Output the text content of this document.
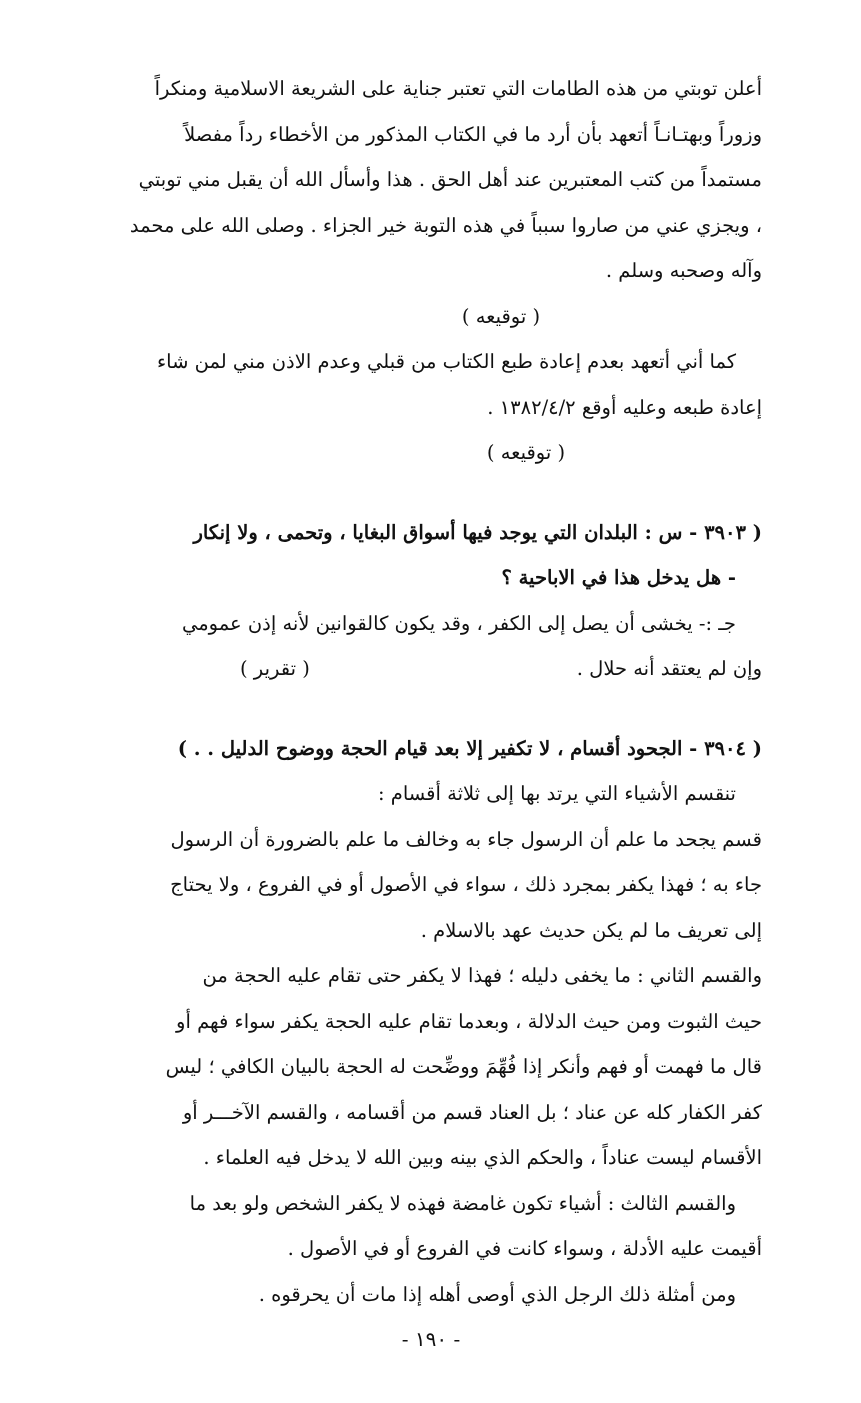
أعلن توبتي من هذه الطامات التي تعتبر جناية على الشريعة الاسلامية ومنكراً
وزوراً وبهتـانـاً أتعهد بأن أرد ما في الكتاب المذكور من الأخطاء رداً مفصلاً
مستمداً من كتب المعتبرين عند أهل الحق . هذا وأسأل الله أن يقبل مني توبتي
، ويجزي عني من صاروا سبباً في هذه التوبة خير الجزاء . وصلى الله على محمد
وآله وصحبه وسلم .
( توقيعه )
كما أني أتعهد بعدم إعادة طبع الكتاب من قبلي وعدم الاذن مني لمن شاء
إعادة طبعه وعليه أوقع ١٣٨٢/٤/٢ .
( توقيعه )
( ٣٩٠٣ - س : البلدان التي يوجد فيها أسواق البغايا ، وتحمى ، ولا إنكار
- هل يدخل هذا في الاباحية ؟
جـ :- يخشى أن يصل إلى الكفر ، وقد يكون كالقوانين لأنه إذن عمومي
وإن لم يعتقد أنه حلال .
( تقرير )
( ٣٩٠٤ - الجحود أقسام ، لا تكفير إلا بعد قيام الحجة ووضوح الدليل . . )
تنقسم الأشياء التي يرتد بها إلى ثلاثة أقسام :
قسم يجحد ما علم أن الرسول جاء به وخالف ما علم بالضرورة أن الرسول
جاء به ؛ فهذا يكفر بمجرد ذلك ، سواء في الأصول أو في الفروع ، ولا يحتاج
إلى تعريف ما لم يكن حديث عهد بالاسلام .
والقسم الثاني : ما يخفى دليله ؛ فهذا لا يكفر حتى تقام عليه الحجة من
حيث الثبوت ومن حيث الدلالة ، وبعدما تقام عليه الحجة يكفر سواء فهم أو
قال ما فهمت أو فهم وأنكر إذا فُهِّمَ ووضِّحت له الحجة بالبيان الكافي ؛ ليس
كفر الكفار كله عن عناد ؛ بل العناد قسم من أقسامه ، والقسم الآخـــر أو
الأقسام ليست عناداً ، والحكم الذي بينه وبين الله لا يدخل فيه العلماء .
والقسم الثالث : أشياء تكون غامضة فهذه لا يكفر الشخص ولو بعد ما
أقيمت عليه الأدلة ، وسواء كانت في الفروع أو في الأصول .
ومن أمثلة ذلك الرجل الذي أوصى أهله إذا مات أن يحرقوه .
- ١٩٠ -
